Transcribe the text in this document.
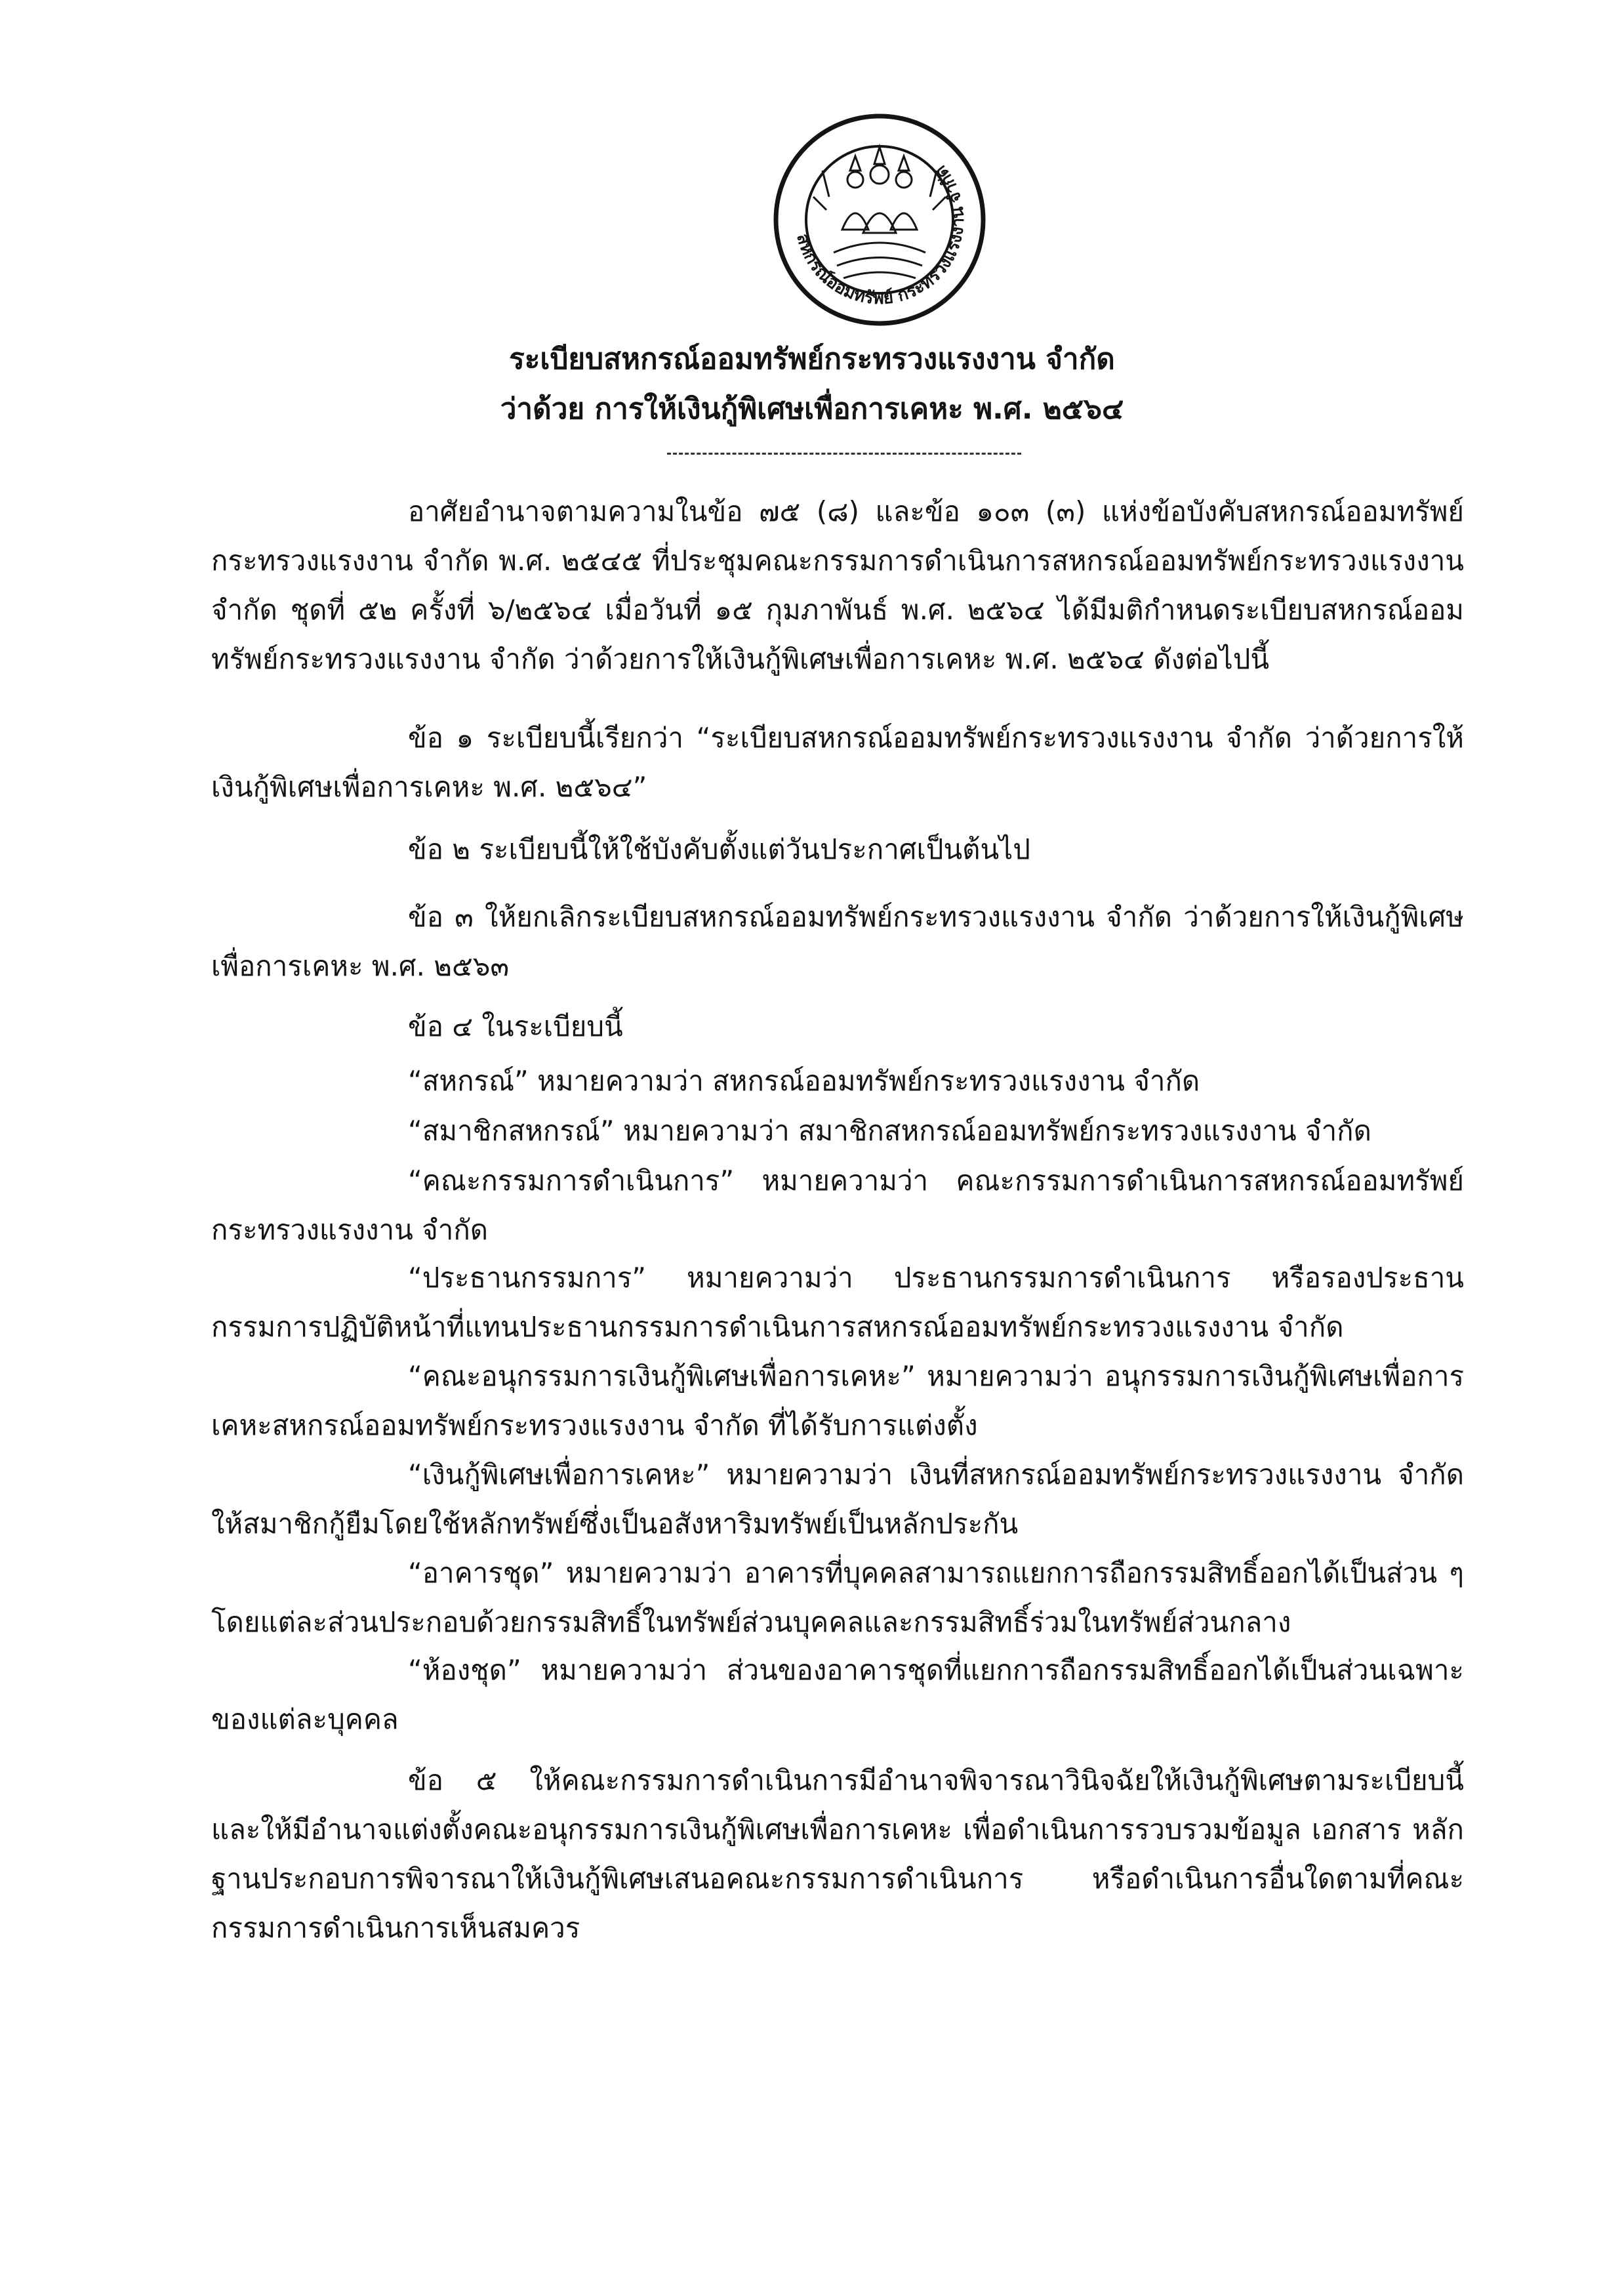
สหกรณ์ออมทรัพย์ กระทรวงแรงงาน จำกัด
ระเบียบสหกรณ์ออมทรัพย์กระทรวงแรงงาน จำกัด
ว่าด้วย การให้เงินกู้พิเศษเพื่อการเคหะ พ.ศ. ๒๕๖๔
อาศัยอำนาจตามความในข้อ ๗๕ (๘) และข้อ ๑๐๓ (๓) แห่งข้อบังคับสหกรณ์ออมทรัพย์กระทรวงแรงงาน จำกัด พ.ศ. ๒๕๔๕ ที่ประชุมคณะกรรมการดำเนินการสหกรณ์ออมทรัพย์กระทรวงแรงงาน จำกัด ชุดที่ ๕๒ ครั้งที่ ๖/๒๕๖๔ เมื่อวันที่ ๑๕ กุมภาพันธ์ พ.ศ. ๒๕๖๔ ได้มีมติกำหนดระเบียบสหกรณ์ออมทรัพย์กระทรวงแรงงาน จำกัด ว่าด้วยการให้เงินกู้พิเศษเพื่อการเคหะ พ.ศ. ๒๕๖๔ ดังต่อไปนี้
ข้อ ๑ ระเบียบนี้เรียกว่า “ระเบียบสหกรณ์ออมทรัพย์กระทรวงแรงงาน จำกัด ว่าด้วยการให้เงินกู้พิเศษเพื่อการเคหะ พ.ศ. ๒๕๖๔”
ข้อ ๒ ระเบียบนี้ให้ใช้บังคับตั้งแต่วันประกาศเป็นต้นไป
ข้อ ๓ ให้ยกเลิกระเบียบสหกรณ์ออมทรัพย์กระทรวงแรงงาน จำกัด ว่าด้วยการให้เงินกู้พิเศษเพื่อการเคหะ พ.ศ. ๒๕๖๓
ข้อ ๔ ในระเบียบนี้
“สหกรณ์” หมายความว่า สหกรณ์ออมทรัพย์กระทรวงแรงงาน จำกัด
“สมาชิกสหกรณ์” หมายความว่า สมาชิกสหกรณ์ออมทรัพย์กระทรวงแรงงาน จำกัด
“คณะกรรมการดำเนินการ” หมายความว่า คณะกรรมการดำเนินการสหกรณ์ออมทรัพย์กระทรวงแรงงาน จำกัด
“ประธานกรรมการ” หมายความว่า ประธานกรรมการดำเนินการ หรือรองประธานกรรมการปฏิบัติหน้าที่แทนประธานกรรมการดำเนินการสหกรณ์ออมทรัพย์กระทรวงแรงงาน จำกัด
“คณะอนุกรรมการเงินกู้พิเศษเพื่อการเคหะ” หมายความว่า อนุกรรมการเงินกู้พิเศษเพื่อการเคหะสหกรณ์ออมทรัพย์กระทรวงแรงงาน จำกัด ที่ได้รับการแต่งตั้ง
“เงินกู้พิเศษเพื่อการเคหะ” หมายความว่า เงินที่สหกรณ์ออมทรัพย์กระทรวงแรงงาน จำกัดให้สมาชิกกู้ยืมโดยใช้หลักทรัพย์ซึ่งเป็นอสังหาริมทรัพย์เป็นหลักประกัน
“อาคารชุด” หมายความว่า อาคารที่บุคคลสามารถแยกการถือกรรมสิทธิ์ออกได้เป็นส่วน ๆ โดยแต่ละส่วนประกอบด้วยกรรมสิทธิ์ในทรัพย์ส่วนบุคคลและกรรมสิทธิ์ร่วมในทรัพย์ส่วนกลาง
“ห้องชุด” หมายความว่า ส่วนของอาคารชุดที่แยกการถือกรรมสิทธิ์ออกได้เป็นส่วนเฉพาะของแต่ละบุคคล
ข้อ ๕ ให้คณะกรรมการดำเนินการมีอำนาจพิจารณาวินิจฉัยให้เงินกู้พิเศษตามระเบียบนี้และให้มีอำนาจแต่งตั้งคณะอนุกรรมการเงินกู้พิเศษเพื่อการเคหะ เพื่อดำเนินการรวบรวมข้อมูล เอกสาร หลักฐานประกอบการพิจารณาให้เงินกู้พิเศษเสนอคณะกรรมการดำเนินการ หรือดำเนินการอื่นใดตามที่คณะกรรมการดำเนินการเห็นสมควร
